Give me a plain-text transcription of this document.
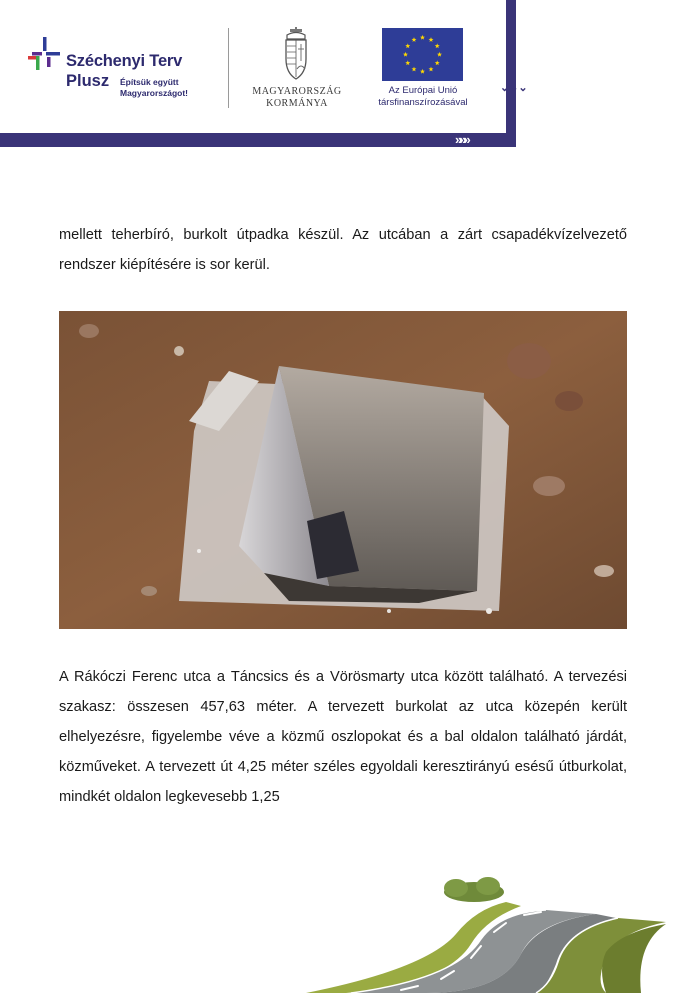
Széchenyi Terv
Plusz Építsük együtt
Magyarországot!	MAGYARORSZÁG
KORMÁNYA
Az Európai Unió
társfinanszírozásával
⌄⌄⌄
»»»
mellett teherbíró, burkolt útpadka készül. Az utcában a zárt csapadékvízelvezető rendszer kiépítésére is sor kerül.
A Rákóczi Ferenc utca a Táncsics és a Vörösmarty utca között található. A tervezési szakasz: összesen 457,63 méter. A tervezett burkolat az utca közepén került elhelyezésre, figyelembe véve a közmű oszlopokat és a bal oldalon található járdát, közműveket. A tervezett út 4,25 méter széles egyoldali keresztirányú esésű útburkolat, mindkét oldalon legkevesebb 1,25
